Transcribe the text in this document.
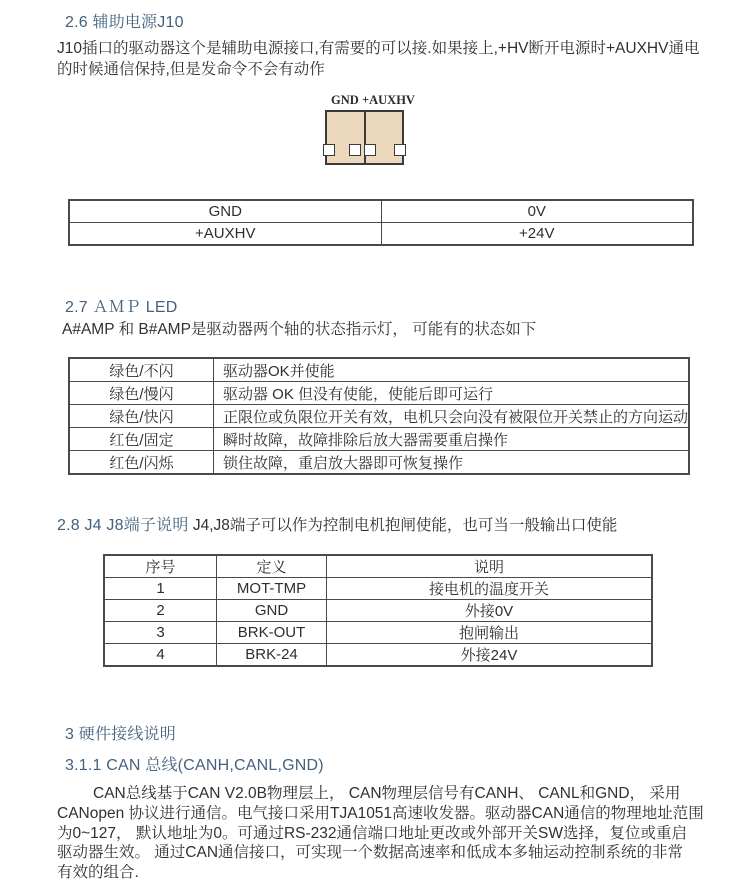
2.6 辅助电源J10
J10插口的驱动器这个是辅助电源接口,有需要的可以接.如果接上,+HV断开电源时+AUXHV通电
的时候通信保持,但是发命令不会有动作
GND +AUXHV
GND	0V
+AUXHV	+24V
2.7 ＡＭＰ LED
A#AMP 和 B#AMP是驱动器两个轴的状态指示灯， 可能有的状态如下
绿色/不闪	驱动器OK并使能
绿色/慢闪	驱动器 OK 但没有使能，使能后即可运行
绿色/快闪	正限位或负限位开关有效，电机只会向没有被限位开关禁止的方向运动
红色/固定	瞬时故障，故障排除后放大器需要重启操作
红色/闪烁	锁住故障，重启放大器即可恢复操作
2.8 J4 J8端子说明 J4,J8端子可以作为控制电机抱闸使能，也可当一般输出口使能
序号	定义	说明
1	MOT-TMP	接电机的温度开关
2	GND	外接0V
3	BRK-OUT	抱闸输出
4	BRK-24	外接24V
3 硬件接线说明
3.1.1 CAN 总线(CANH,CANL,GND)
CAN总线基于CAN V2.0B物理层上， CAN物理层信号有CANH、 CANL和GND， 采用
CANopen 协议进行通信。电气接口采用TJA1051高速收发器。驱动器CAN通信的物理地址范围
为0~127， 默认地址为0。可通过RS-232通信端口地址更改或外部开关SW选择，复位或重启
驱动器生效。 通过CAN通信接口，可实现一个数据高速率和低成本多轴运动控制系统的非常
有效的组合.
